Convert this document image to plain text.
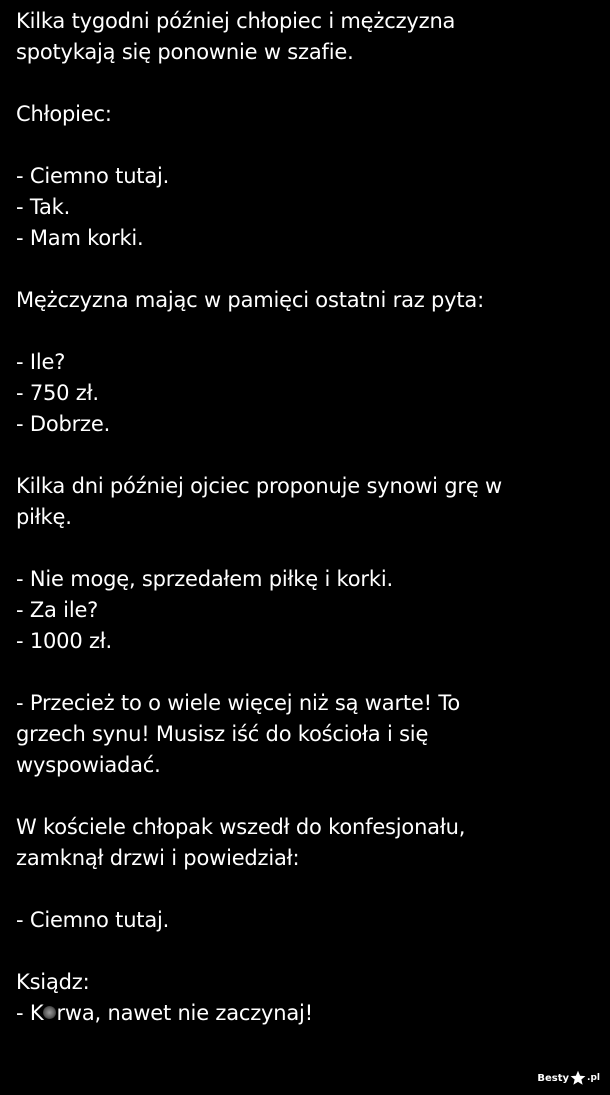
Kilka tygodni później chłopiec i mężczyzna
spotykają się ponownie w szafie.
Chłopiec:
- Ciemno tutaj.
- Tak.
- Mam korki.
Mężczyzna mając w pamięci ostatni raz pyta:
- Ile?
- 750 zł.
- Dobrze.
Kilka dni później ojciec proponuje synowi grę w
piłkę.
- Nie mogę, sprzedałem piłkę i korki.
- Za ile?
- 1000 zł.
- Przecież to o wiele więcej niż są warte! To
grzech synu! Musisz iść do kościoła i się
wyspowiadać.
W kościele chłopak wszedł do konfesjonału,
zamknął drzwi i powiedział:
- Ciemno tutaj.
Ksiądz:
- K rwa, nawet nie zaczynaj!
Besty .pl
